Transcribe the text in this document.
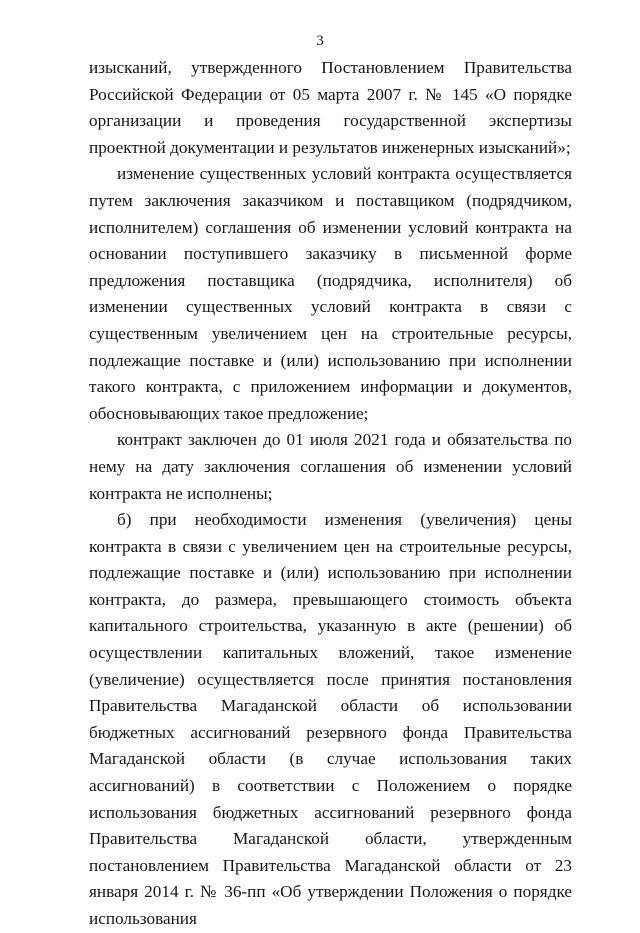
3

изысканий, утвержденного Постановлением Правительства Российской Федерации от 05 марта 2007 г. № 145 «О порядке организации и проведения государственной экспертизы проектной документации и результатов инженерных изысканий»;

изменение существенных условий контракта осуществляется путем заключения заказчиком и поставщиком (подрядчиком, исполнителем) соглашения об изменении условий контракта на основании поступившего заказчику в письменной форме предложения поставщика (подрядчика, исполнителя) об изменении существенных условий контракта в связи с существенным увеличением цен на строительные ресурсы, подлежащие поставке и (или) использованию при исполнении такого контракта, с приложением информации и документов, обосновывающих такое предложение;

контракт заключен до 01 июля 2021 года и обязательства по нему на дату заключения соглашения об изменении условий контракта не исполнены;

б) при необходимости изменения (увеличения) цены контракта в связи с увеличением цен на строительные ресурсы, подлежащие поставке и (или) использованию при исполнении контракта, до размера, превышающего стоимость объекта капитального строительства, указанную в акте (решении) об осуществлении капитальных вложений, такое изменение (увеличение) осуществляется после принятия постановления Правительства Магаданской области об использовании бюджетных ассигнований резервного фонда Правительства Магаданской области (в случае использования таких ассигнований) в соответствии с Положением о порядке использования бюджетных ассигнований резервного фонда Правительства Магаданской области, утвержденным постановлением Правительства Магаданской области от 23 января 2014 г. № 36-пп «Об утверждении Положения о порядке использования
